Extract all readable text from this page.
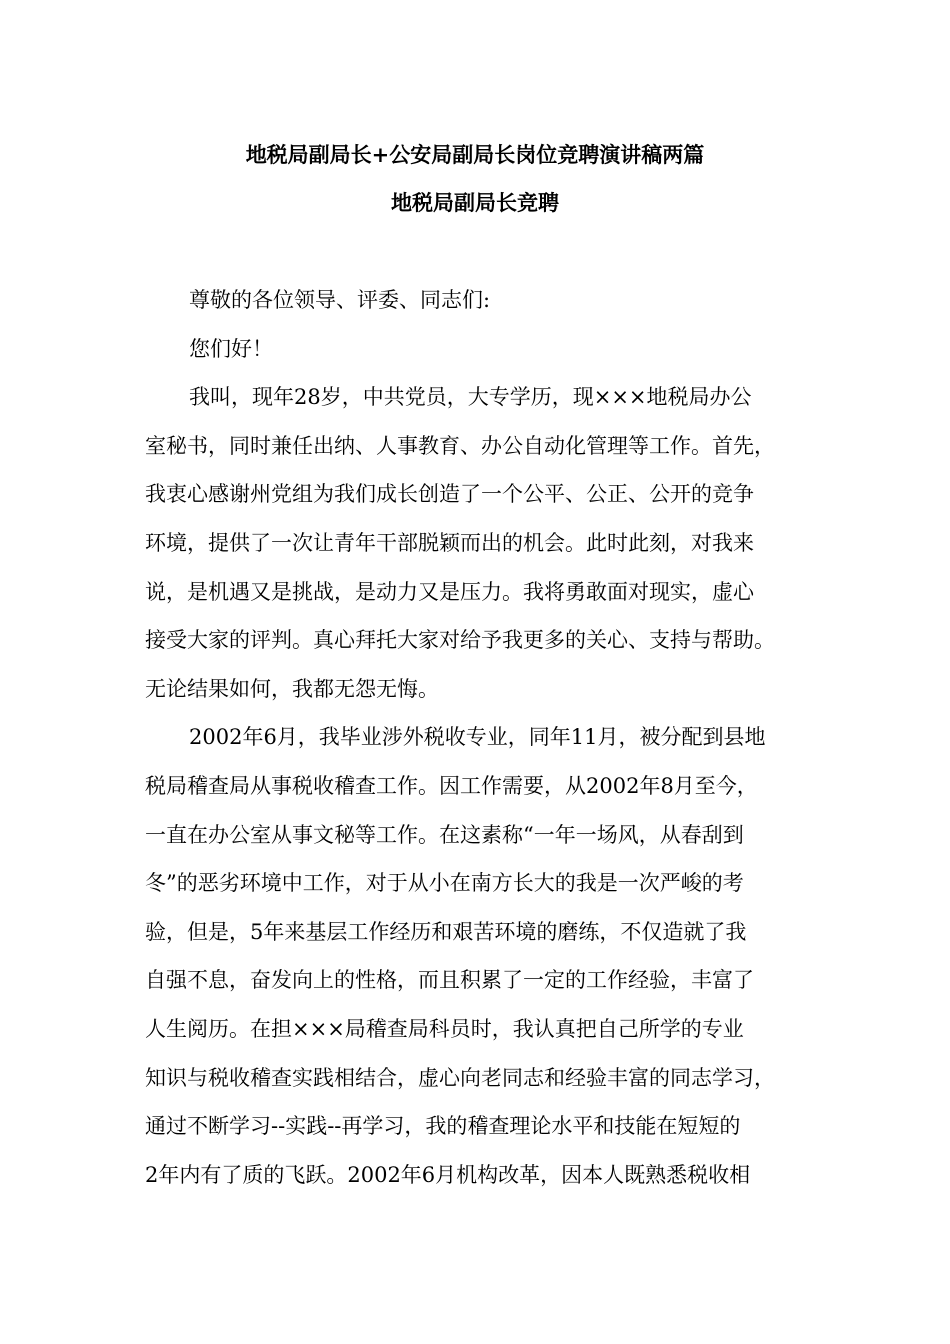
地税局副局长+公安局副局长岗位竞聘演讲稿两篇
地税局副局长竞聘
尊敬的各位领导、评委、同志们:
您们好！
我叫，现年28岁，中共党员，大专学历，现×××地税局办公
室秘书，同时兼任出纳、人事教育、办公自动化管理等工作。首先，
我衷心感谢州党组为我们成长创造了一个公平、公正、公开的竞争
环境，提供了一次让青年干部脱颖而出的机会。此时此刻，对我来
说，是机遇又是挑战，是动力又是压力。我将勇敢面对现实，虚心
接受大家的评判。真心拜托大家对给予我更多的关心、支持与帮助。
无论结果如何，我都无怨无悔。
2002年6月，我毕业涉外税收专业，同年11月，被分配到县地
税局稽查局从事税收稽查工作。因工作需要，从2002年8月至今，
一直在办公室从事文秘等工作。在这素称“一年一场风，从春刮到
冬”的恶劣环境中工作，对于从小在南方长大的我是一次严峻的考
验，但是，5年来基层工作经历和艰苦环境的磨练，不仅造就了我
自强不息，奋发向上的性格，而且积累了一定的工作经验，丰富了
人生阅历。在担×××局稽查局科员时，我认真把自己所学的专业
知识与税收稽查实践相结合，虚心向老同志和经验丰富的同志学习，
通过不断学习--实践--再学习，我的稽查理论水平和技能在短短的
2年内有了质的飞跃。2002年6月机构改革，因本人既熟悉税收相
